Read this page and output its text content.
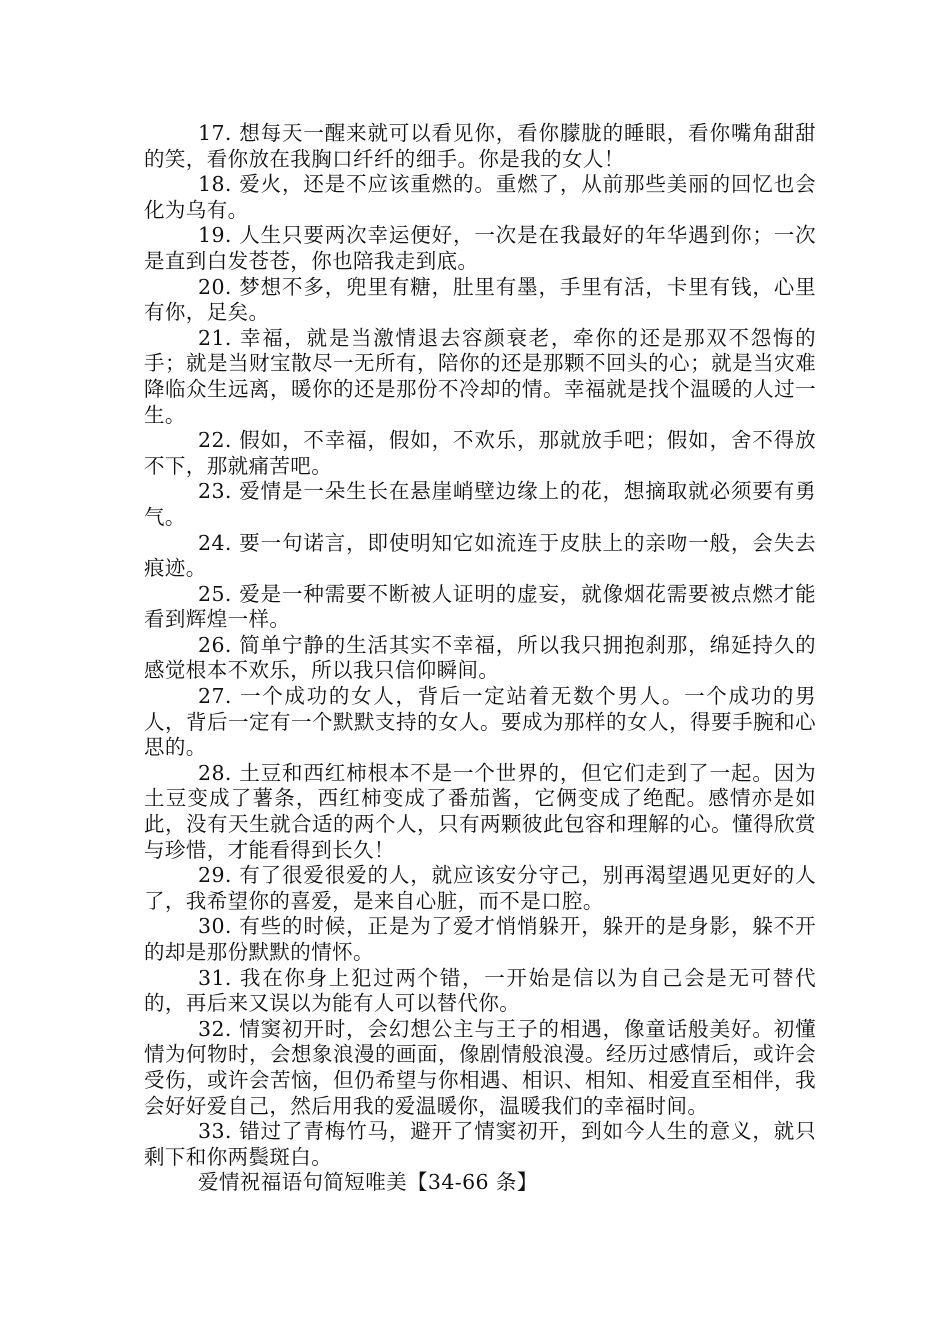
17. 想每天一醒来就可以看见你，看你朦胧的睡眼，看你嘴角甜甜的笑，看你放在我胸口纤纤的细手。你是我的女人！

18. 爱火，还是不应该重燃的。重燃了，从前那些美丽的回忆也会化为乌有。

19. 人生只要两次幸运便好，一次是在我最好的年华遇到你；一次是直到白发苍苍，你也陪我走到底。

20. 梦想不多，兜里有糖，肚里有墨，手里有活，卡里有钱，心里有你，足矣。

21. 幸福，就是当激情退去容颜衰老，牵你的还是那双不怨悔的手；就是当财宝散尽一无所有，陪你的还是那颗不回头的心；就是当灾难降临众生远离，暖你的还是那份不冷却的情。幸福就是找个温暖的人过一生。

22. 假如，不幸福，假如，不欢乐，那就放手吧；假如，舍不得放不下，那就痛苦吧。

23. 爱情是一朵生长在悬崖峭壁边缘上的花，想摘取就必须要有勇气。

24. 要一句诺言，即使明知它如流连于皮肤上的亲吻一般，会失去痕迹。

25. 爱是一种需要不断被人证明的虚妄，就像烟花需要被点燃才能看到辉煌一样。

26. 简单宁静的生活其实不幸福，所以我只拥抱刹那，绵延持久的感觉根本不欢乐，所以我只信仰瞬间。

27. 一个成功的女人，背后一定站着无数个男人。一个成功的男人，背后一定有一个默默支持的女人。要成为那样的女人，得要手腕和心思的。

28. 土豆和西红柿根本不是一个世界的，但它们走到了一起。因为土豆变成了薯条，西红柿变成了番茄酱，它俩变成了绝配。感情亦是如此，没有天生就合适的两个人，只有两颗彼此包容和理解的心。懂得欣赏与珍惜，才能看得到长久！

29. 有了很爱很爱的人，就应该安分守己，别再渴望遇见更好的人了，我希望你的喜爱，是来自心脏，而不是口腔。

30. 有些的时候，正是为了爱才悄悄躲开，躲开的是身影，躲不开的却是那份默默的情怀。

31. 我在你身上犯过两个错，一开始是信以为自己会是无可替代的，再后来又误以为能有人可以替代你。

32. 情窦初开时，会幻想公主与王子的相遇，像童话般美好。初懂情为何物时，会想象浪漫的画面，像剧情般浪漫。经历过感情后，或许会受伤，或许会苦恼，但仍希望与你相遇、相识、相知、相爱直至相伴，我会好好爱自己，然后用我的爱温暖你，温暖我们的幸福时间。

33. 错过了青梅竹马，避开了情窦初开，到如今人生的意义，就只剩下和你两鬓斑白。

爱情祝福语句简短唯美【34-66 条】
